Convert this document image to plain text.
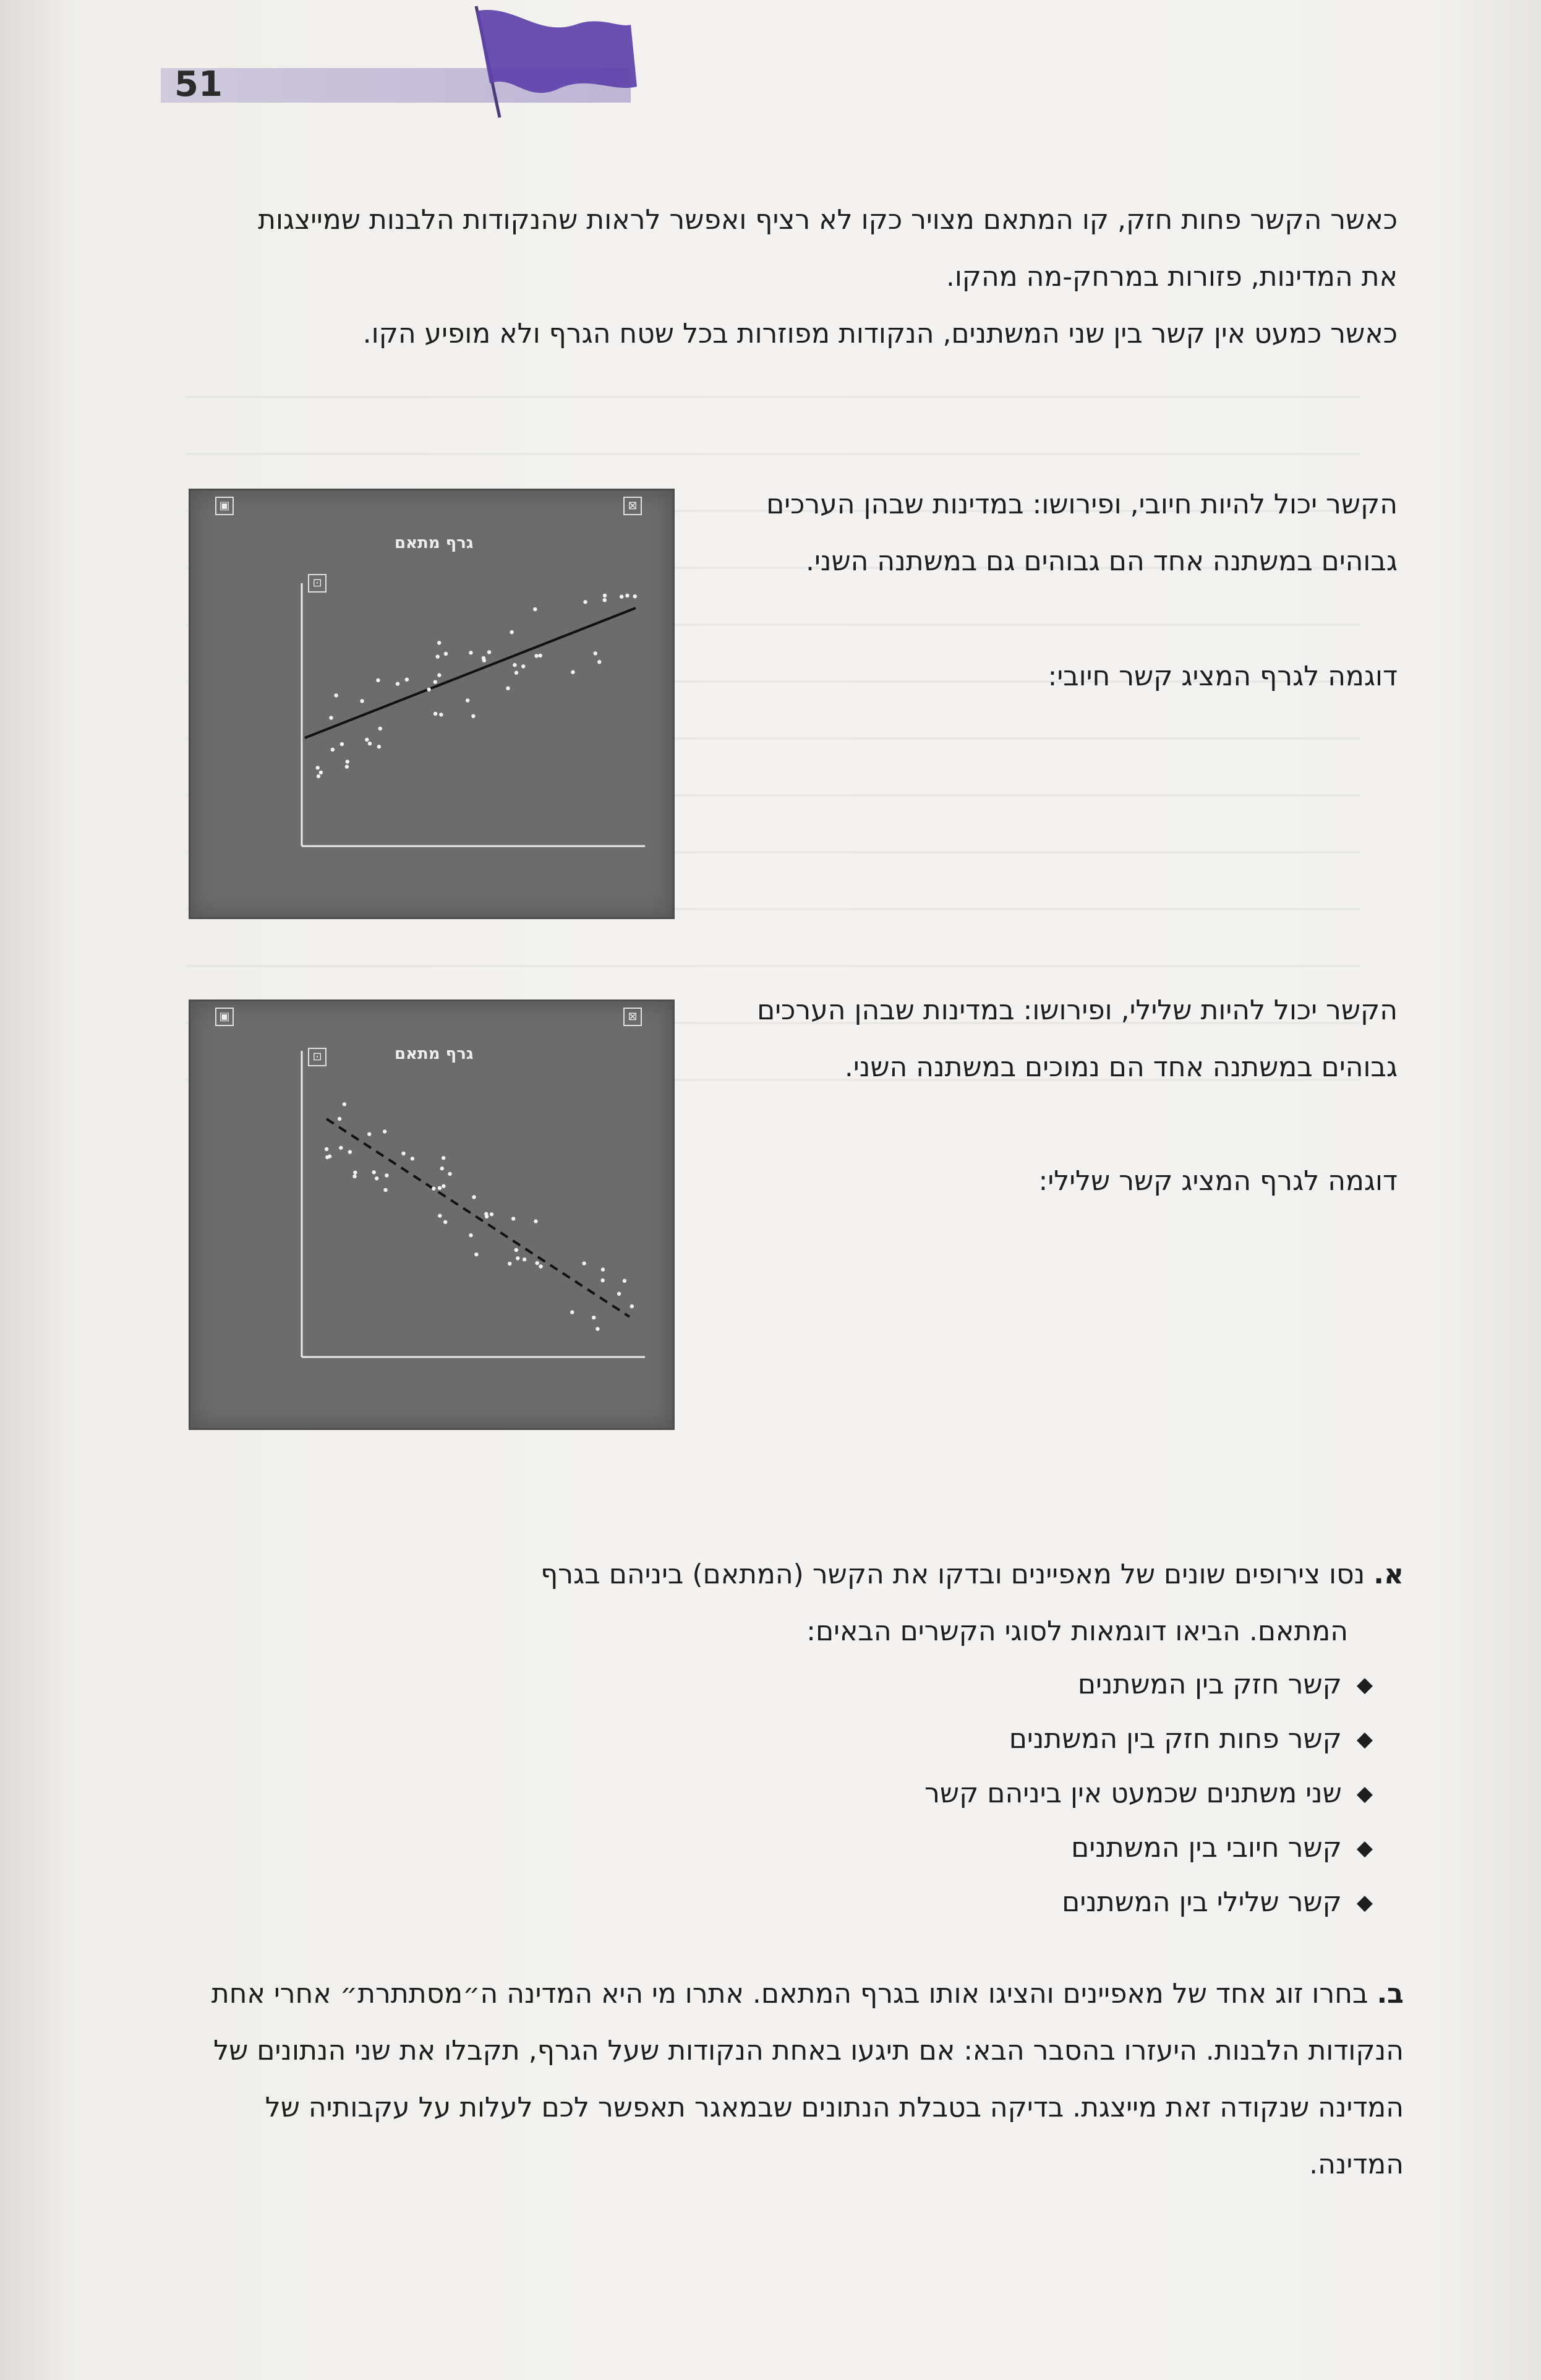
51

כאשר הקשר פחות חזק, קו המתאם מצויר כקו לא רציף ואפשר לראות שהנקודות הלבנות שמייצגות את המדינות, פזורות במרחק-מה מהקו.

כאשר כמעט אין קשר בין שני המשתנים, הנקודות מפוזרות בכל שטח הגרף ולא מופיע הקו.

גרף מתאם
▣
⊡
⊠	הקשר יכול להיות חיובי, ופירושו: במדינות שבהן הערכים גבוהים במשתנה אחד הם גבוהים גם במשתנה השני.

דוגמה לגרף המציג קשר חיובי:

גרף מתאם
▣
⊡
⊠	הקשר יכול להיות שלילי, ופירושו: במדינות שבהן הערכים גבוהים במשתנה אחד הם נמוכים במשתנה השני.

דוגמה לגרף המציג קשר שלילי:

א. נסו צירופים שונים של מאפיינים ובדקו את הקשר (המתאם) ביניהם בגרף

המתאם. הביאו דוגמאות לסוגי הקשרים הבאים:

◆
קשר חזק בין המשתנים
◆
קשר פחות חזק בין המשתנים
◆
שני משתנים שכמעט אין ביניהם קשר
◆
קשר חיובי בין המשתנים
◆
קשר שלילי בין המשתנים

ב. בחרו זוג אחד של מאפיינים והציגו אותו בגרף המתאם. אתרו מי היא המדינה ה״מסתתרת״ אחרי אחת הנקודות הלבנות. היעזרו בהסבר הבא: אם תיגעו באחת הנקודות שעל הגרף, תקבלו את שני הנתונים של המדינה שנקודה זאת מייצגת. בדיקה בטבלת הנתונים שבמאגר תאפשר לכם לעלות על עקבותיה של המדינה.
